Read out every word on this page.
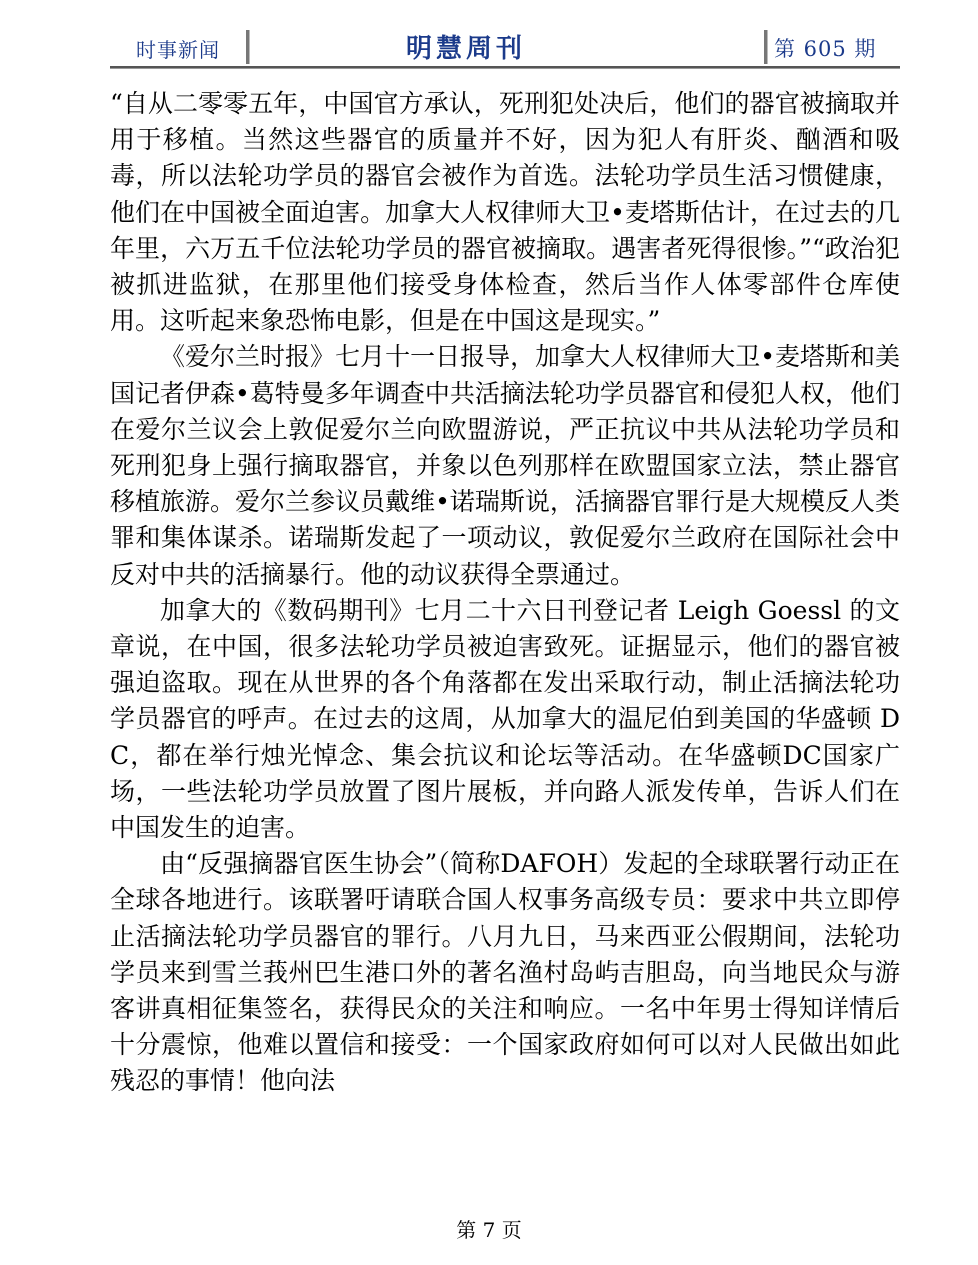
时事新闻	明慧周刊	第 605 期

“自从二零零五年，中国官方承认，死刑犯处决后，他们的器官被摘取并用于移植。当然这些器官的质量并不好，因为犯人有肝炎、酗酒和吸毒，所以法轮功学员的器官会被作为首选。法轮功学员生活习惯健康，他们在中国被全面迫害。加拿大人权律师大卫•麦塔斯估计，在过去的几年里，六万五千位法轮功学员的器官被摘取。遇害者死得很惨。”“政治犯被抓进监狱，在那里他们接受身体检查，然后当作人体零部件仓库使用。这听起来象恐怖电影，但是在中国这是现实。”

《爱尔兰时报》七月十一日报导，加拿大人权律师大卫•麦塔斯和美国记者伊森•葛特曼多年调查中共活摘法轮功学员器官和侵犯人权，他们在爱尔兰议会上敦促爱尔兰向欧盟游说，严正抗议中共从法轮功学员和死刑犯身上强行摘取器官，并象以色列那样在欧盟国家立法，禁止器官移植旅游。爱尔兰参议员戴维•诺瑞斯说，活摘器官罪行是大规模反人类罪和集体谋杀。诺瑞斯发起了一项动议，敦促爱尔兰政府在国际社会中反对中共的活摘暴行。他的动议获得全票通过。

加拿大的《数码期刊》七月二十六日刊登记者 Leigh Goessl 的文章说，在中国，很多法轮功学员被迫害致死。证据显示，他们的器官被强迫盗取。现在从世界的各个角落都在发出采取行动，制止活摘法轮功学员器官的呼声。在过去的这周，从加拿大的温尼伯到美国的华盛顿 DC，都在举行烛光悼念、集会抗议和论坛等活动。在华盛顿DC国家广场，一些法轮功学员放置了图片展板，并向路人派发传单，告诉人们在中国发生的迫害。

由“反强摘器官医生协会”（简称DAFOH）发起的全球联署行动正在全球各地进行。该联署吁请联合国人权事务高级专员：要求中共立即停止活摘法轮功学员器官的罪行。八月九日，马来西亚公假期间，法轮功学员来到雪兰莪州巴生港口外的著名渔村岛屿吉胆岛，向当地民众与游客讲真相征集签名，获得民众的关注和响应。一名中年男士得知详情后十分震惊，他难以置信和接受：一个国家政府如何可以对人民做出如此残忍的事情！他向法

第 7 页
